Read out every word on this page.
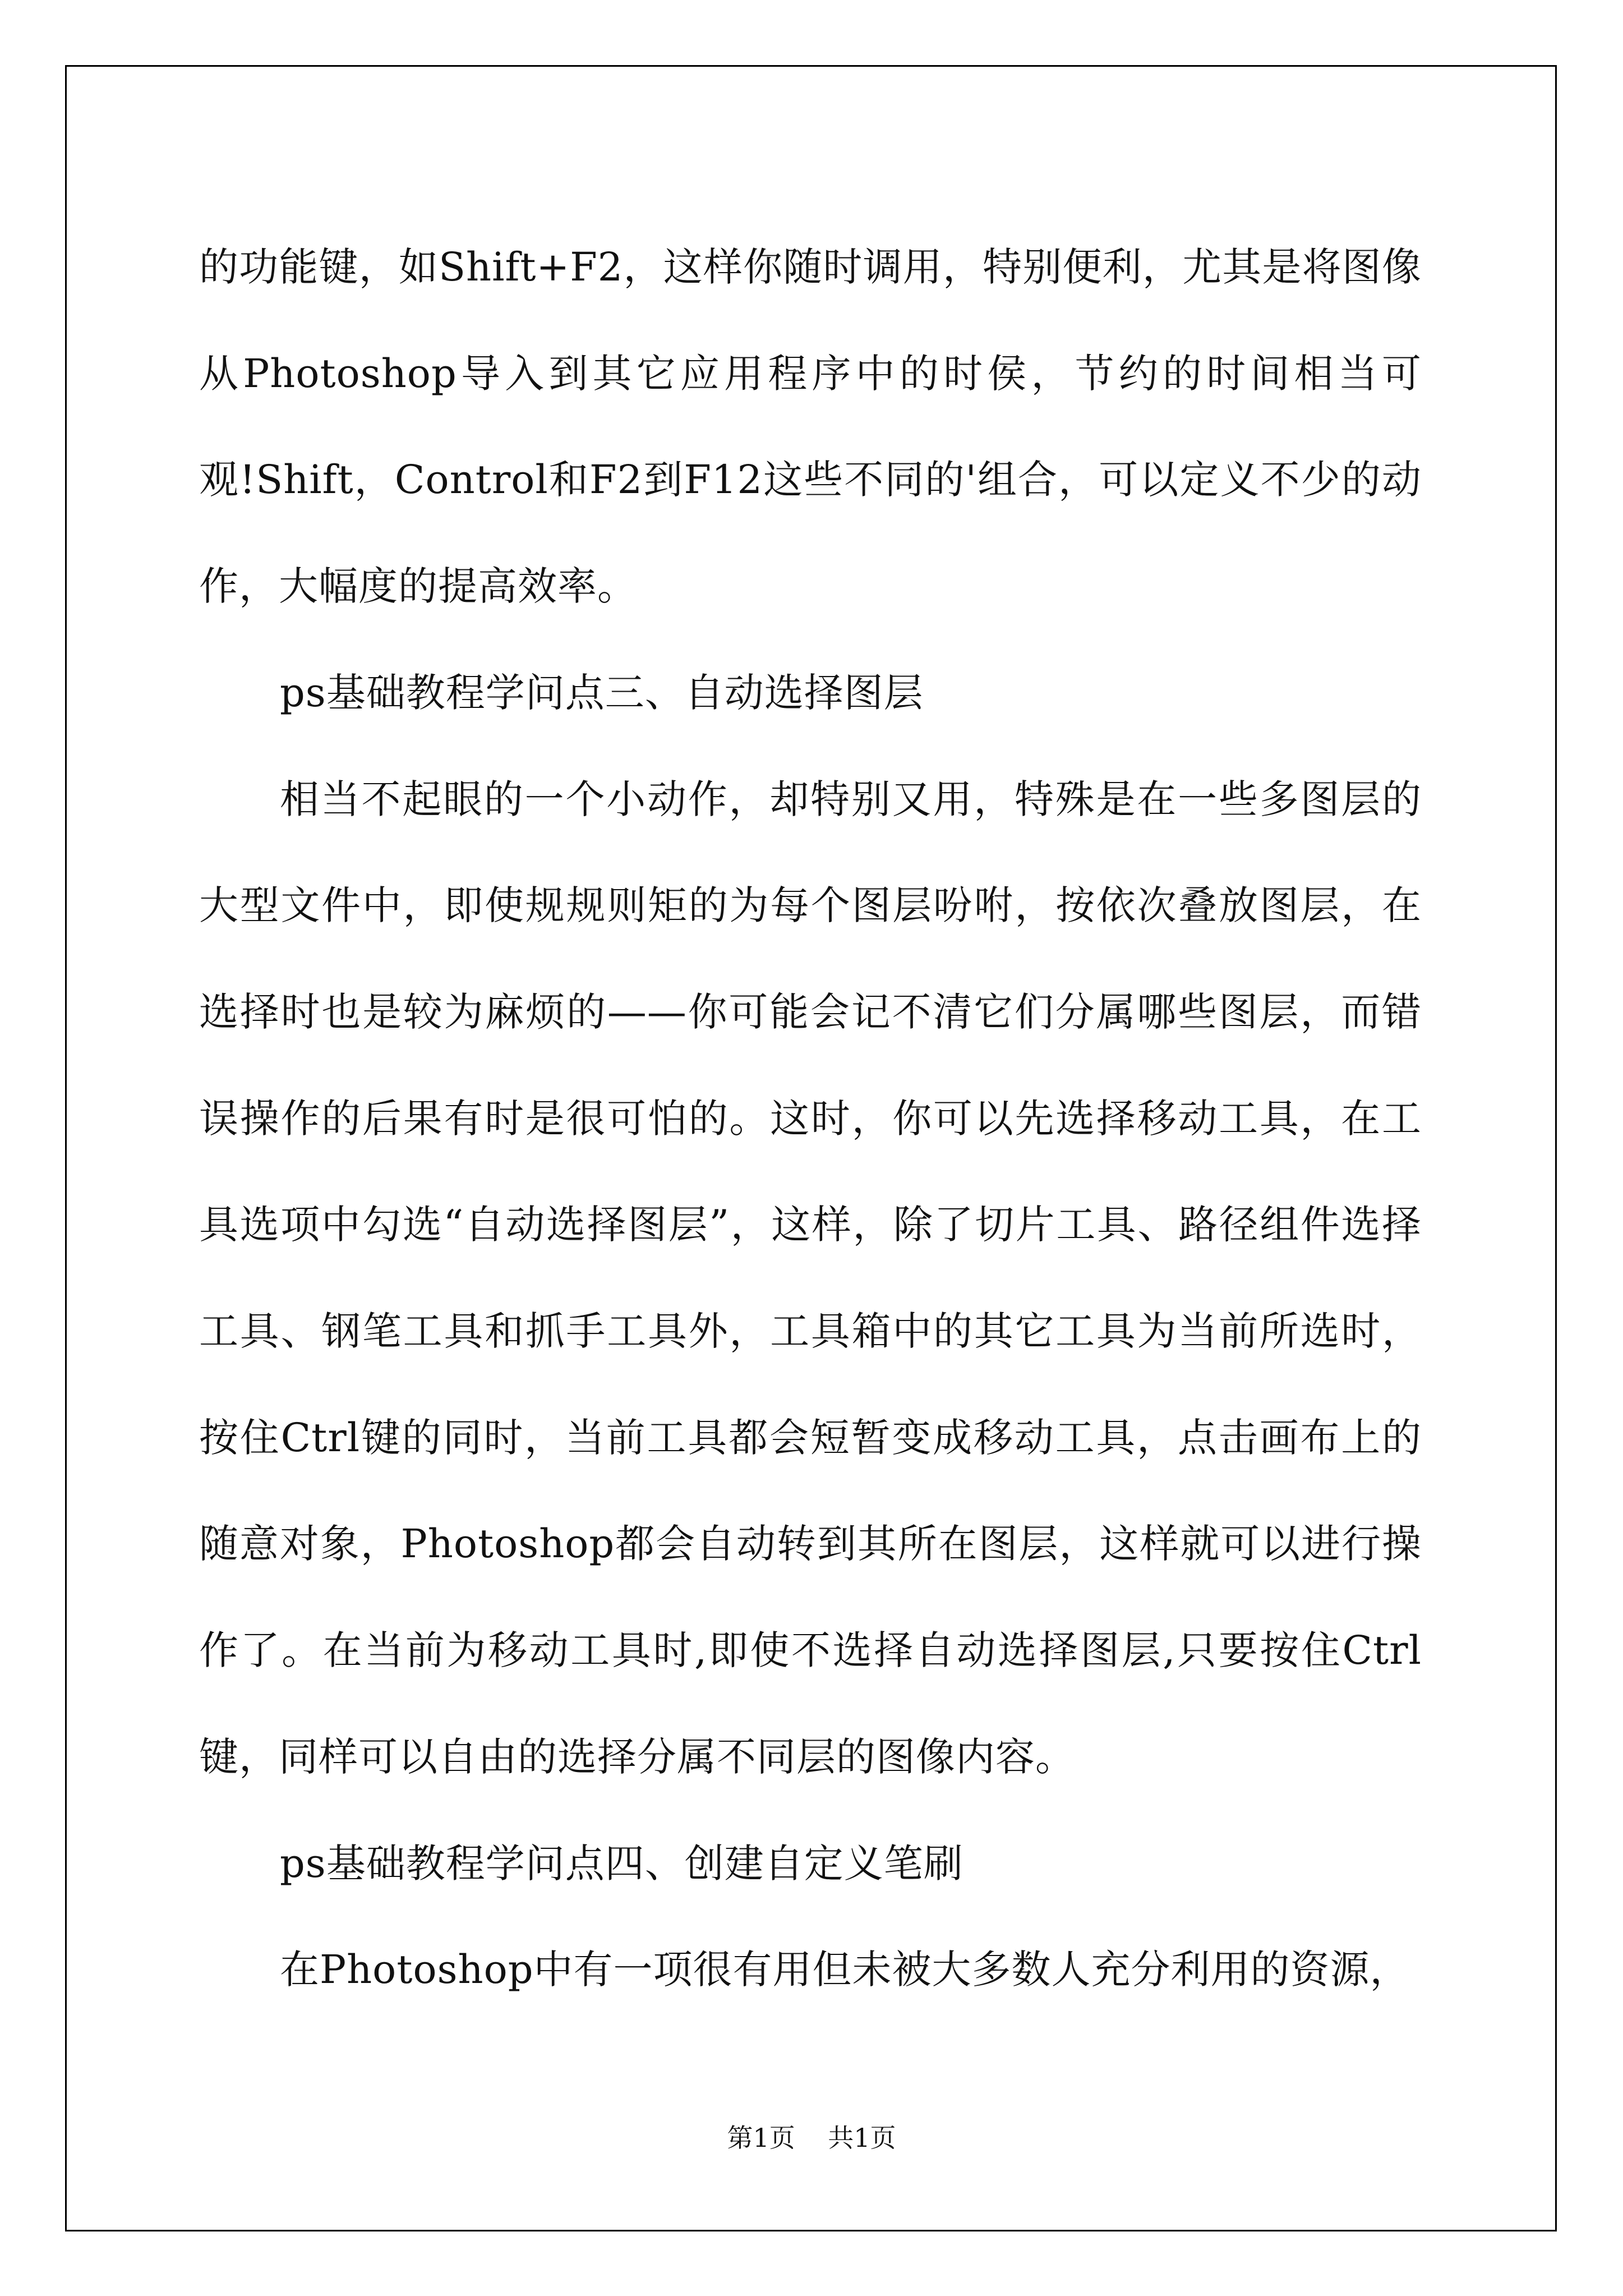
的功能键，如Shift+F2，这样你随时调用，特别便利，尤其是将图像从Photoshop导入到其它应用程序中的时侯，节约的时间相当可观!Shift，Control和F2到F12这些不同的'组合，可以定义不少的动作，大幅度的提高效率。

ps基础教程学问点三、自动选择图层

相当不起眼的一个小动作，却特别又用，特殊是在一些多图层的大型文件中，即使规规则矩的为每个图层吩咐，按依次叠放图层，在选择时也是较为麻烦的——你可能会记不清它们分属哪些图层，而错误操作的后果有时是很可怕的。这时，你可以先选择移动工具，在工具选项中勾选“自动选择图层”，这样，除了切片工具、路径组件选择工具、钢笔工具和抓手工具外，工具箱中的其它工具为当前所选时，按住Ctrl键的同时，当前工具都会短暂变成移动工具，点击画布上的随意对象，Photoshop都会自动转到其所在图层，这样就可以进行操作了。在当前为移动工具时,即使不选择自动选择图层,只要按住Ctrl键，同样可以自由的选择分属不同层的图像内容。

ps基础教程学问点四、创建自定义笔刷

在Photoshop中有一项很有用但未被大多数人充分利用的资源，

第1页    共1页
